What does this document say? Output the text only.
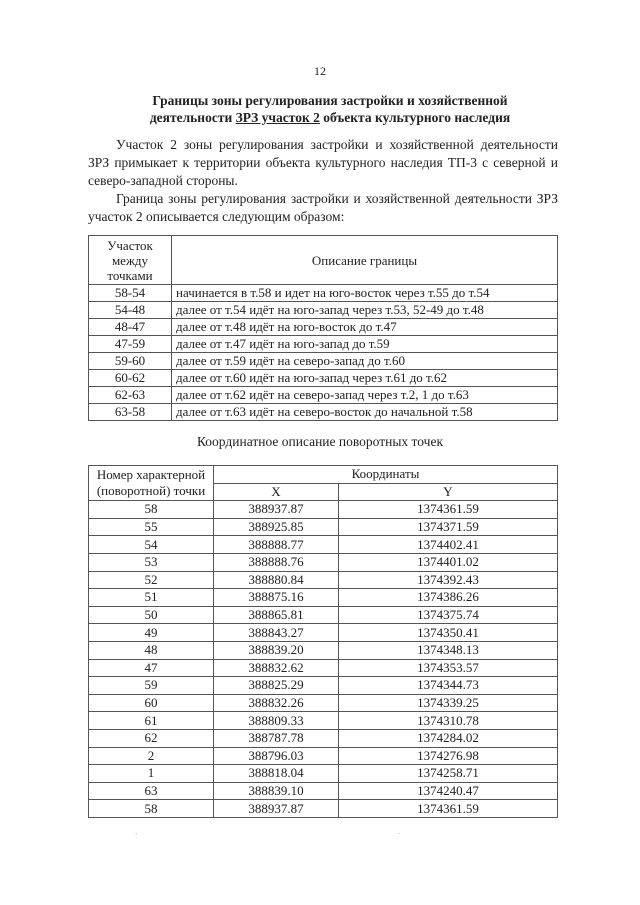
12
Границы зоны регулирования застройки и хозяйственной
деятельности ЗРЗ участок 2 объекта культурного наследия
Участок 2 зоны регулирования застройки и хозяйственной деятельности ЗРЗ примыкает к территории объекта культурного наследия ТП-3 с северной и северо-западной стороны.
Граница зоны регулирования застройки и хозяйственной деятельности ЗРЗ участок 2 описывается следующим образом:
Участок между точками	Описание границы
58-54	начинается в т.58 и идет на юго-восток через т.55 до т.54
54-48	далее от т.54 идёт на юго-запад через т.53, 52-49 до т.48
48-47	далее от т.48 идёт на юго-восток до т.47
47-59	далее от т.47 идёт на юго-запад до т.59
59-60	далее от т.59 идёт на северо-запад до т.60
60-62	далее от т.60 идёт на юго-запад через т.61 до т.62
62-63	далее от т.62 идёт на северо-запад через т.2, 1 до т.63
63-58	далее от т.63 идёт на северо-восток до начальной т.58
Координатное описание поворотных точек
Номер характерной (поворотной) точки	Координаты	
	X	Y
58	388937.87	1374361.59
55	388925.85	1374371.59
54	388888.77	1374402.41
53	388888.76	1374401.02
52	388880.84	1374392.43
51	388875.16	1374386.26
50	388865.81	1374375.74
49	388843.27	1374350.41
48	388839.20	1374348.13
47	388832.62	1374353.57
59	388825.29	1374344.73
60	388832.26	1374339.25
61	388809.33	1374310.78
62	388787.78	1374284.02
2	388796.03	1374276.98
1	388818.04	1374258.71
63	388839.10	1374240.47
58	388937.87	1374361.59
·	·
